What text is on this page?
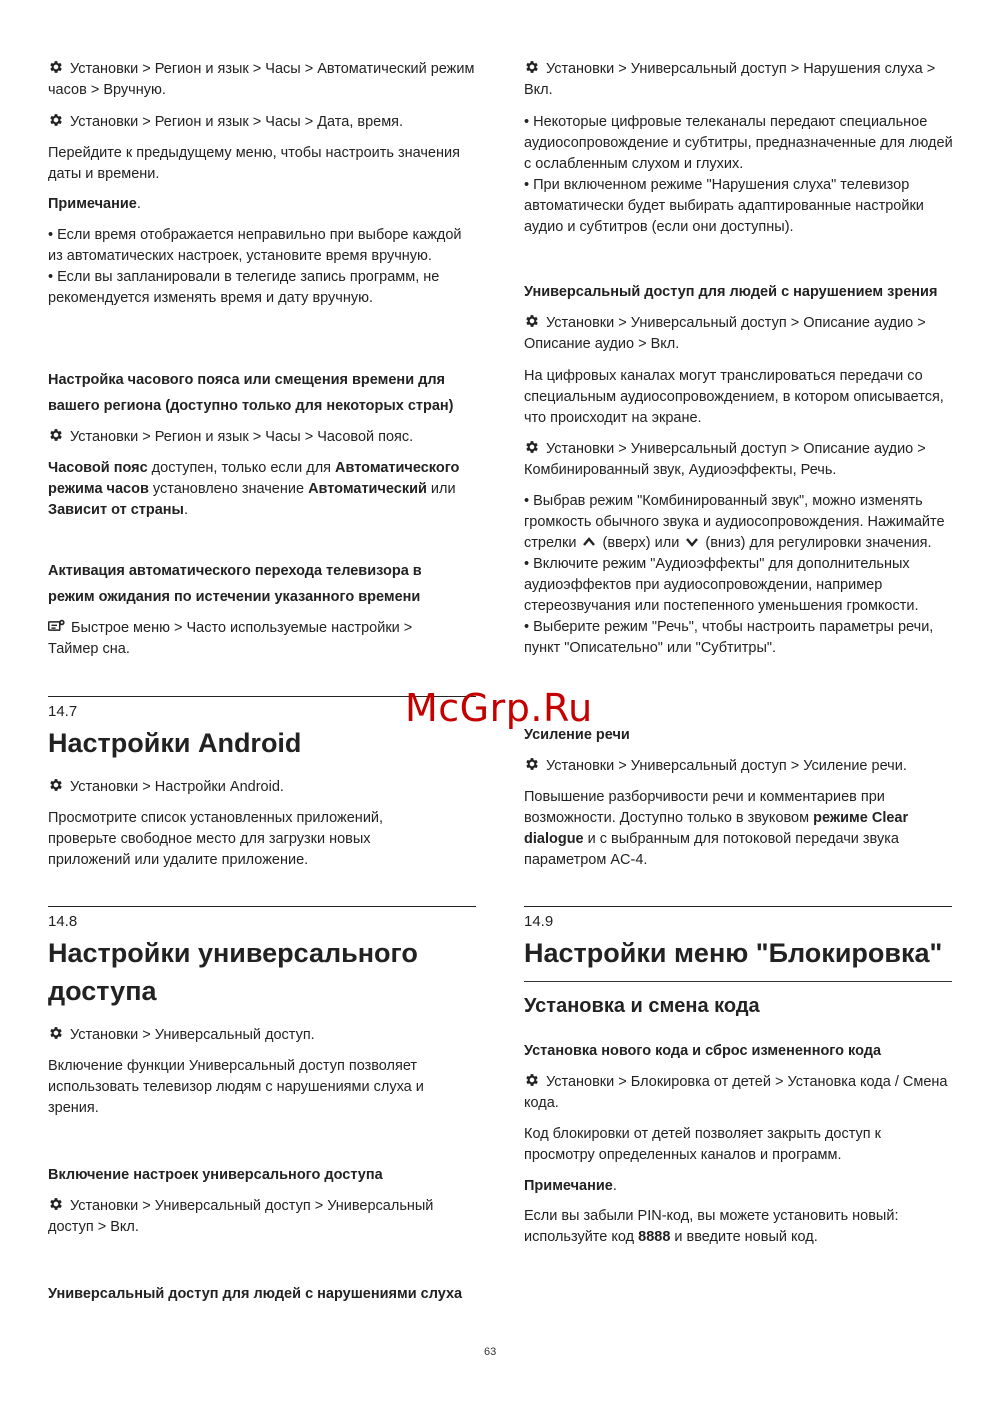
Установки > Регион и язык > Часы > Автоматический режим часов > Вручную.

Установки > Регион и язык > Часы > Дата, время.

Перейдите к предыдущему меню, чтобы настроить значения даты и времени.

Примечание.

• Если время отображается неправильно при выборе каждой из автоматических настроек, установите время вручную.

• Если вы запланировали в телегиде запись программ, не рекомендуется изменять время и дату вручную.

Настройка часового пояса или смещения времени для вашего региона (доступно только для некоторых стран)

Установки > Регион и язык > Часы > Часовой пояс.

Часовой пояс доступен, только если для Автоматического режима часов установлено значение Автоматический или Зависит от страны.

Активация автоматического перехода телевизора в режим ожидания по истечении указанного времени

Быстрое меню > Часто используемые настройки > Таймер сна.

14.7
Настройки Android

Установки > Настройки Android.

Просмотрите список установленных приложений, проверьте свободное место для загрузки новых приложений или удалите приложение.

14.8
Настройки универсального доступа

Установки > Универсальный доступ.

Включение функции Универсальный доступ позволяет использовать телевизор людям с нарушениями слуха и зрения.

Включение настроек универсального доступа

Установки > Универсальный доступ > Универсальный доступ > Вкл.

Универсальный доступ для людей с нарушениями слуха

Установки > Универсальный доступ > Нарушения слуха > Вкл.

• Некоторые цифровые телеканалы передают специальное аудиосопровождение и субтитры, предназначенные для людей с ослабленным слухом и глухих.

• При включенном режиме "Нарушения слуха" телевизор автоматически будет выбирать адаптированные настройки аудио и субтитров (если они доступны).

Универсальный доступ для людей с нарушением зрения

Установки > Универсальный доступ > Описание аудио > Описание аудио > Вкл.

На цифровых каналах могут транслироваться передачи со специальным аудиосопровождением, в котором описывается, что происходит на экране.

Установки > Универсальный доступ > Описание аудио > Комбинированный звук, Аудиоэффекты, Речь.

• Выбрав режим "Комбинированный звук", можно изменять громкость обычного звука и аудиосопровождения. Нажимайте стрелки
(вверх) или
(вниз) для регулировки значения.

• Включите режим "Аудиоэффекты" для дополнительных аудиоэффектов при аудиосопровождении, например стереозвучания или постепенного уменьшения громкости.

• Выберите режим "Речь", чтобы настроить параметры речи, пункт "Описательно" или "Субтитры".

Усиление речи

Установки > Универсальный доступ > Усиление речи.

Повышение разборчивости речи и комментариев при возможности. Доступно только в звуковом режиме Clear dialogue и с выбранным для потоковой передачи звука параметром AC-4.

14.9
Настройки меню "Блокировка"
Установка и смена кода
Установка нового кода и сброс измененного кода

Установки > Блокировка от детей > Установка кода / Смена кода.

Код блокировки от детей позволяет закрыть доступ к просмотру определенных каналов и программ.

Примечание.

Если вы забыли PIN-код, вы можете установить новый: используйте код 8888 и введите новый код.

McGrp.Ru
63
